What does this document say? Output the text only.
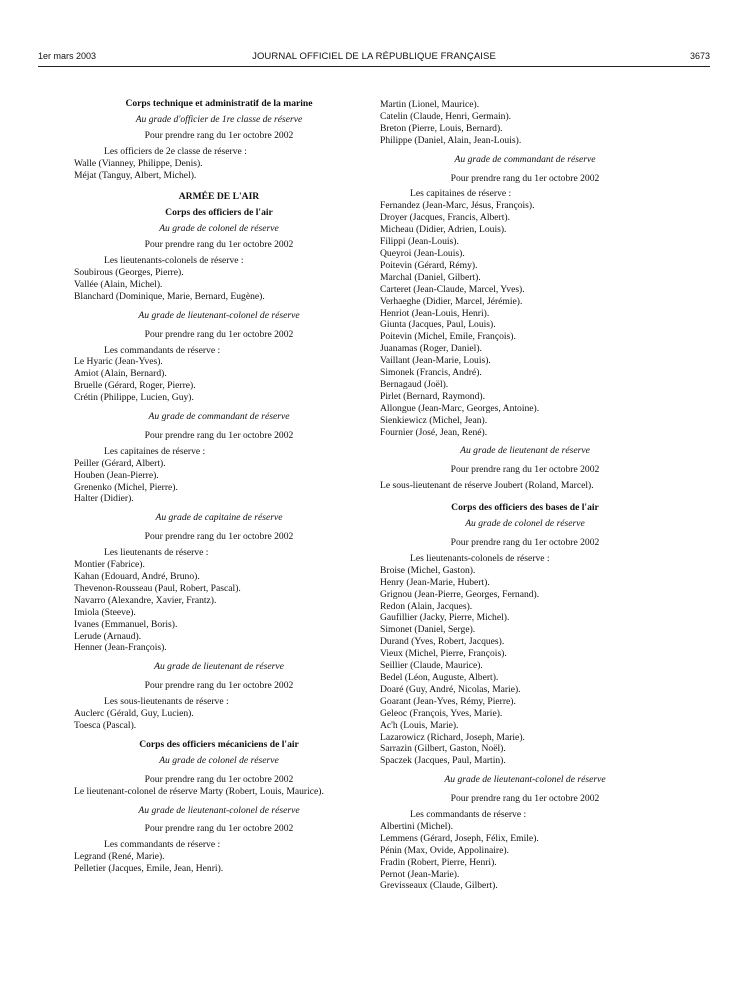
1er mars 2003	JOURNAL OFFICIEL DE LA RÉPUBLIQUE FRANÇAISE	3673

Corps technique et administratif de la marine

Au grade d'officier de 1re classe de réserve

Pour prendre rang du 1er octobre 2002

Les officiers de 2e classe de réserve :

Walle (Vianney, Philippe, Denis).

Méjat (Tanguy, Albert, Michel).

ARMÉE DE L'AIR

Corps des officiers de l'air

Au grade de colonel de réserve

Pour prendre rang du 1er octobre 2002

Les lieutenants-colonels de réserve :

Soubirous (Georges, Pierre).

Vallée (Alain, Michel).

Blanchard (Dominique, Marie, Bernard, Eugène).

Au grade de lieutenant-colonel de réserve

Pour prendre rang du 1er octobre 2002

Les commandants de réserve :

Le Hyaric (Jean-Yves).

Amiot (Alain, Bernard).

Bruelle (Gérard, Roger, Pierre).

Crétin (Philippe, Lucien, Guy).

Au grade de commandant de réserve

Pour prendre rang du 1er octobre 2002

Les capitaines de réserve :

Peiller (Gérard, Albert).

Houben (Jean-Pierre).

Grenenko (Michel, Pierre).

Halter (Didier).

Au grade de capitaine de réserve

Pour prendre rang du 1er octobre 2002

Les lieutenants de réserve :

Montier (Fabrice).

Kahan (Edouard, André, Bruno).

Thevenon-Rousseau (Paul, Robert, Pascal).

Navarro (Alexandre, Xavier, Frantz).

Imiola (Steeve).

Ivanes (Emmanuel, Boris).

Lerude (Arnaud).

Henner (Jean-François).

Au grade de lieutenant de réserve

Pour prendre rang du 1er octobre 2002

Les sous-lieutenants de réserve :

Auclerc (Gérald, Guy, Lucien).

Toesca (Pascal).

Corps des officiers mécaniciens de l'air

Au grade de colonel de réserve

Pour prendre rang du 1er octobre 2002

Le lieutenant-colonel de réserve Marty (Robert, Louis, Maurice).

Au grade de lieutenant-colonel de réserve

Pour prendre rang du 1er octobre 2002

Les commandants de réserve :

Legrand (René, Marie).

Pelletier (Jacques, Emile, Jean, Henri).

Martin (Lionel, Maurice).

Catelin (Claude, Henri, Germain).

Breton (Pierre, Louis, Bernard).

Philippe (Daniel, Alain, Jean-Louis).

Au grade de commandant de réserve

Pour prendre rang du 1er octobre 2002

Les capitaines de réserve :

Fernandez (Jean-Marc, Jésus, François).

Droyer (Jacques, Francis, Albert).

Micheau (Didier, Adrien, Louis).

Filippi (Jean-Louis).

Queyroi (Jean-Louis).

Poitevin (Gérard, Rémy).

Marchal (Daniel, Gilbert).

Carteret (Jean-Claude, Marcel, Yves).

Verhaeghe (Didier, Marcel, Jérémie).

Henriot (Jean-Louis, Henri).

Giunta (Jacques, Paul, Louis).

Poitevin (Michel, Emile, François).

Juanamas (Roger, Daniel).

Vaillant (Jean-Marie, Louis).

Simonek (Francis, André).

Bernagaud (Joël).

Pirlet (Bernard, Raymond).

Allongue (Jean-Marc, Georges, Antoine).

Sienkiewicz (Michel, Jean).

Fournier (José, Jean, René).

Au grade de lieutenant de réserve

Pour prendre rang du 1er octobre 2002

Le sous-lieutenant de réserve Joubert (Roland, Marcel).

Corps des officiers des bases de l'air

Au grade de colonel de réserve

Pour prendre rang du 1er octobre 2002

Les lieutenants-colonels de réserve :

Broise (Michel, Gaston).

Henry (Jean-Marie, Hubert).

Grignou (Jean-Pierre, Georges, Fernand).

Redon (Alain, Jacques).

Gaufillier (Jacky, Pierre, Michel).

Simonet (Daniel, Serge).

Durand (Yves, Robert, Jacques).

Vieux (Michel, Pierre, François).

Seillier (Claude, Maurice).

Bedel (Léon, Auguste, Albert).

Doaré (Guy, André, Nicolas, Marie).

Goarant (Jean-Yves, Rémy, Pierre).

Geleoc (François, Yves, Marie).

Ac'h (Louis, Marie).

Lazarowicz (Richard, Joseph, Marie).

Sarrazin (Gilbert, Gaston, Noël).

Spaczek (Jacques, Paul, Martin).

Au grade de lieutenant-colonel de réserve

Pour prendre rang du 1er octobre 2002

Les commandants de réserve :

Albertini (Michel).

Lemmens (Gérard, Joseph, Félix, Emile).

Pénin (Max, Ovide, Appolinaire).

Fradin (Robert, Pierre, Henri).

Pernot (Jean-Marie).

Grevisseaux (Claude, Gilbert).
